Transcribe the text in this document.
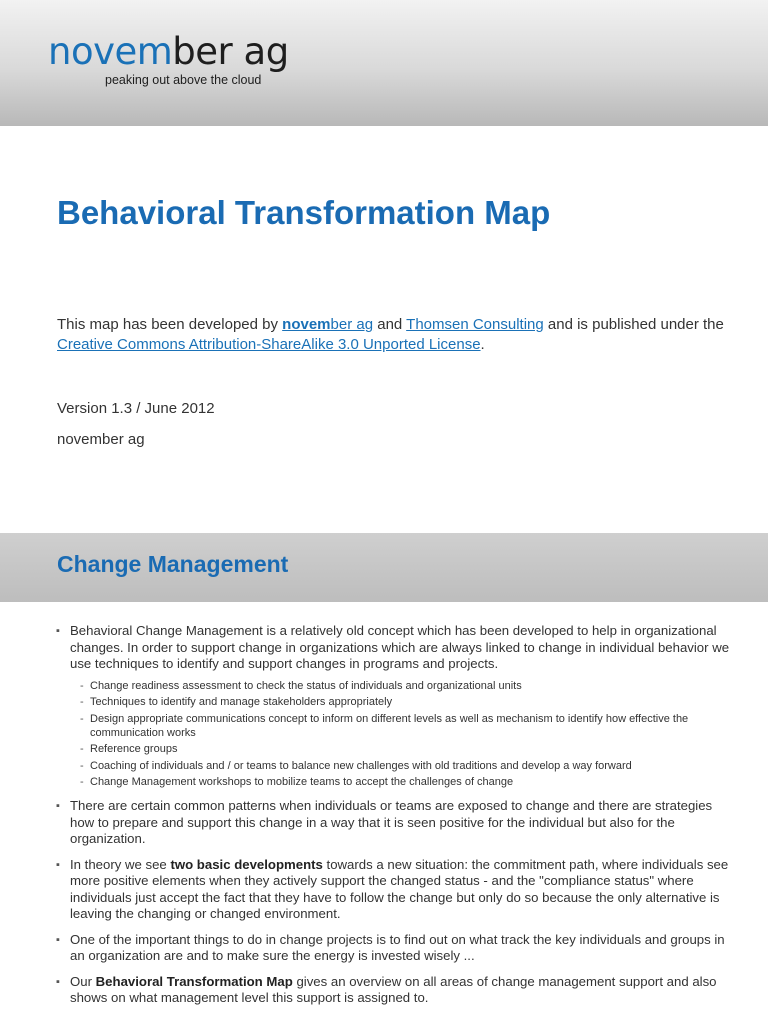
november ag
peaking out above the cloud
Behavioral Transformation Map
This map has been developed by november ag and Thomsen Consulting and is published under the Creative Commons Attribution-ShareAlike 3.0 Unported License.
Version 1.3 / June 2012
november ag
Change Management
▪ Behavioral Change Management is a relatively old concept which has been developed to help in organizational changes. In order to support change in organizations which are always linked to change in individual behavior we use techniques to identify and support changes in programs and projects.
- Change readiness assessment to check the status of individuals and organizational units
- Techniques to identify and manage stakeholders appropriately
- Design appropriate communications concept to inform on different levels as well as mechanism to identify how effective the communication works
- Reference groups
- Coaching of individuals and / or teams to balance new challenges with old traditions and develop a way forward
- Change Management workshops to mobilize teams to accept the challenges of change
▪ There are certain common patterns when individuals or teams are exposed to change and there are strategies how to prepare and support this change in a way that it is seen positive for the individual but also for the organization.
▪ In theory we see two basic developments towards a new situation: the commitment path, where individuals see more positive elements when they actively support the changed status - and the "compliance status" where individuals just accept the fact that they have to follow the change but only do so because the only alternative is leaving the changing or changed environment.
▪ One of the important things to do in change projects is to find out on what track the key individuals and groups in an organization are and to make sure the energy is invested wisely ...
▪ Our Behavioral Transformation Map gives an overview on all areas of change management support and also shows on what management level this support is assigned to.
